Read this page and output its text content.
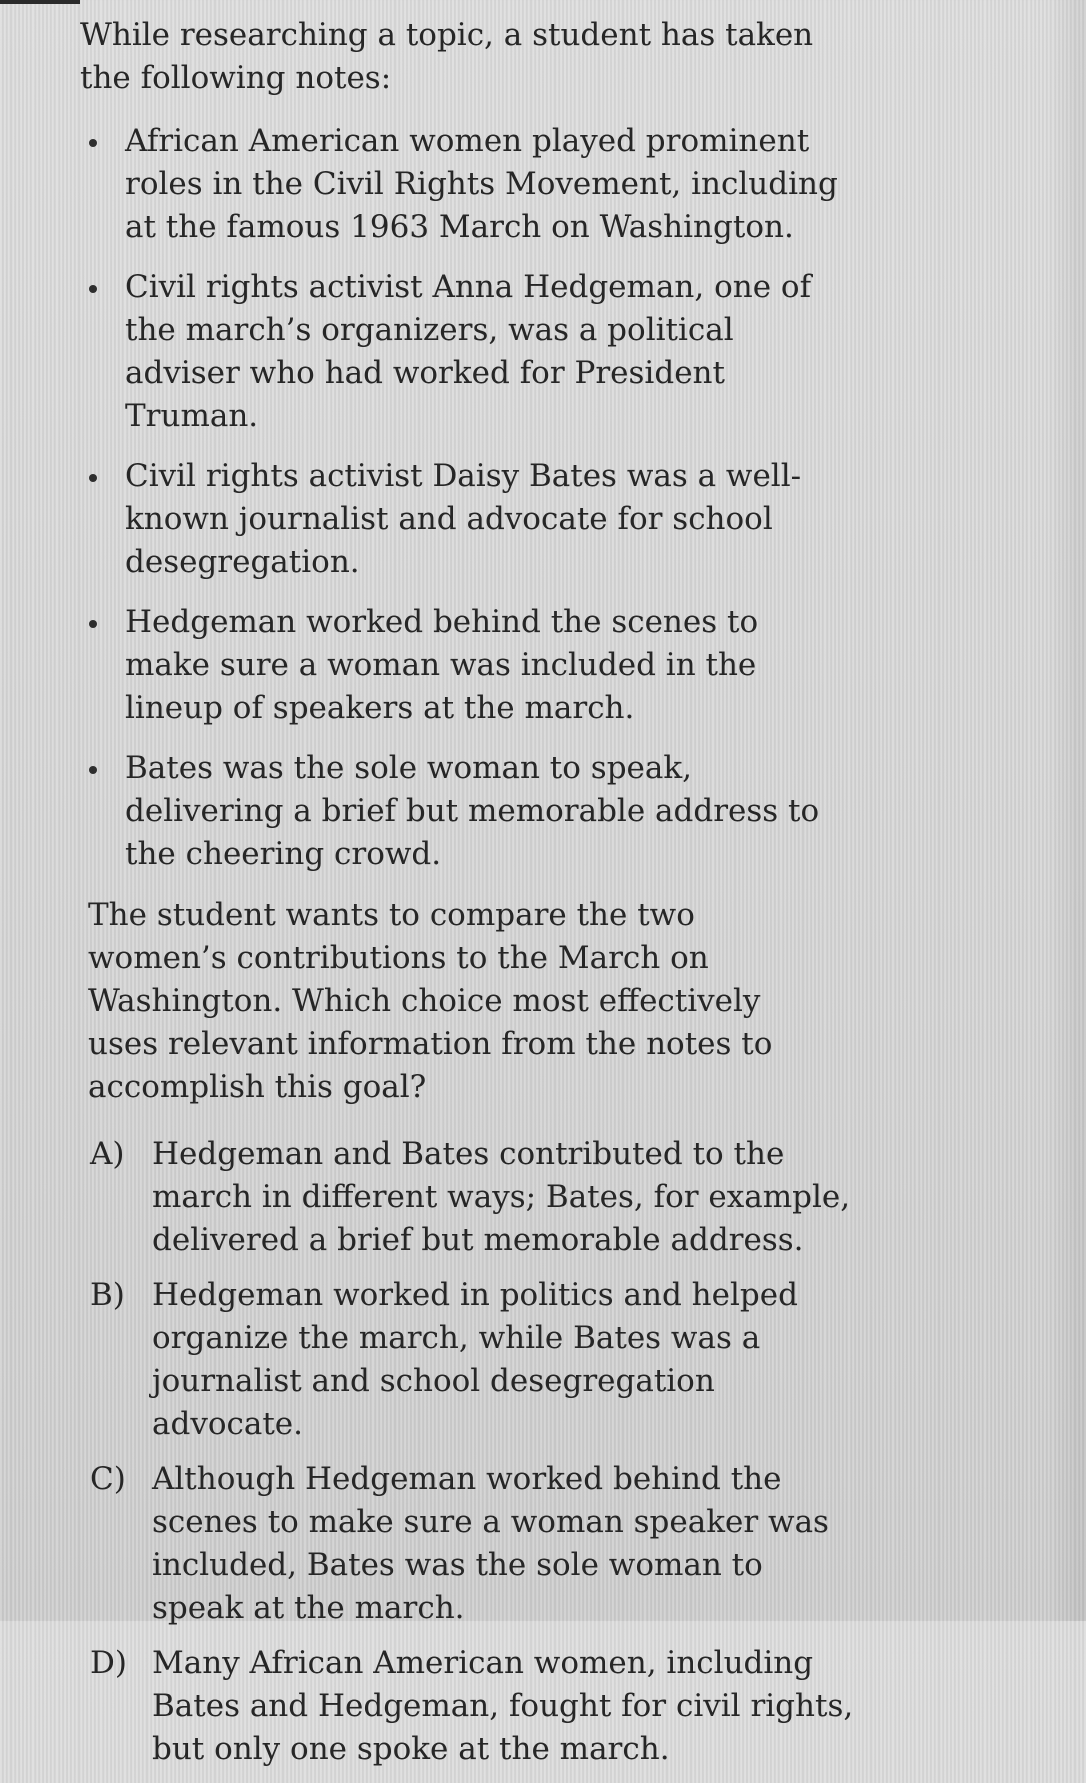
While researching a topic, a student has taken the following notes:

African American women played prominent roles in the Civil Rights Movement, including at the famous 1963 March on Washington.
Civil rights activist Anna Hedgeman, one of the march’s organizers, was a political adviser who had worked for President Truman.
Civil rights activist Daisy Bates was a well-known journalist and advocate for school desegregation.
Hedgeman worked behind the scenes to make sure a woman was included in the lineup of speakers at the march.
Bates was the sole woman to speak, delivering a brief but memorable address to the cheering crowd.

The student wants to compare the two women’s contributions to the March on Washington. Which choice most effectively uses relevant information from the notes to accomplish this goal?

A) Hedgeman and Bates contributed to the march in different ways; Bates, for example, delivered a brief but memorable address.
B) Hedgeman worked in politics and helped organize the march, while Bates was a journalist and school desegregation advocate.
C) Although Hedgeman worked behind the scenes to make sure a woman speaker was included, Bates was the sole woman to speak at the march.
D) Many African American women, including Bates and Hedgeman, fought for civil rights, but only one spoke at the march.
